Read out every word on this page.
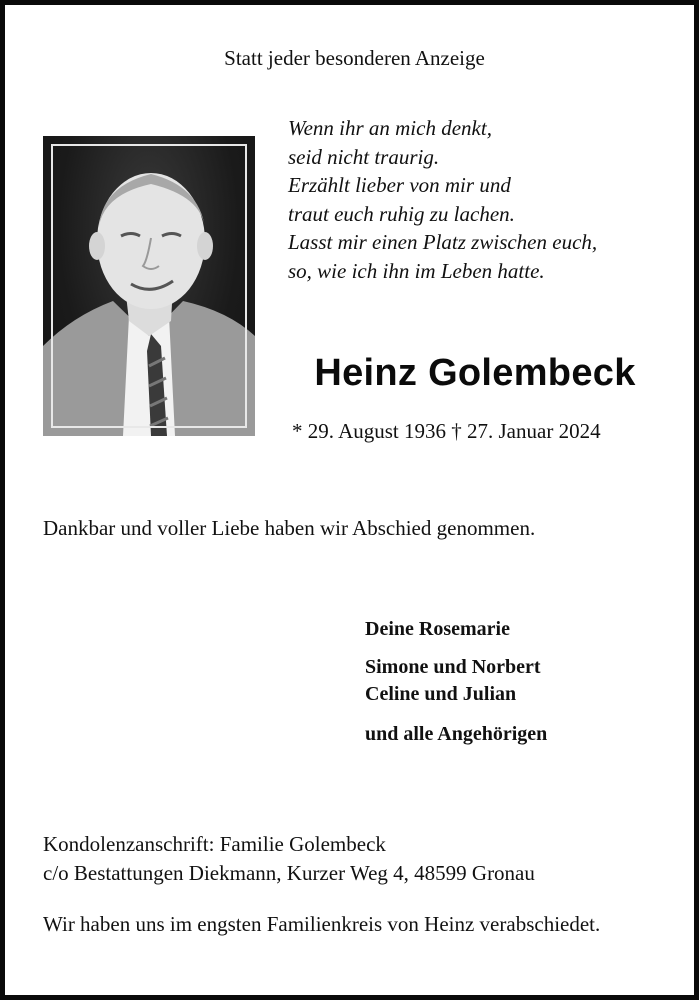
Statt jeder besonderen Anzeige
Wenn ihr an mich denkt,
seid nicht traurig.
Erzählt lieber von mir und
traut euch ruhig zu lachen.
Lasst mir einen Platz zwischen euch,
so, wie ich ihn im Leben hatte.
Heinz Golembeck
* 29. August 1936 † 27. Januar 2024
Dankbar und voller Liebe haben wir Abschied genommen.
Deine Rosemarie
Simone und Norbert
Celine und Julian
und alle Angehörigen
Kondolenzanschrift: Familie Golembeck
c/o Bestattungen Diekmann, Kurzer Weg 4, 48599 Gronau
Wir haben uns im engsten Familienkreis von Heinz verabschiedet.
